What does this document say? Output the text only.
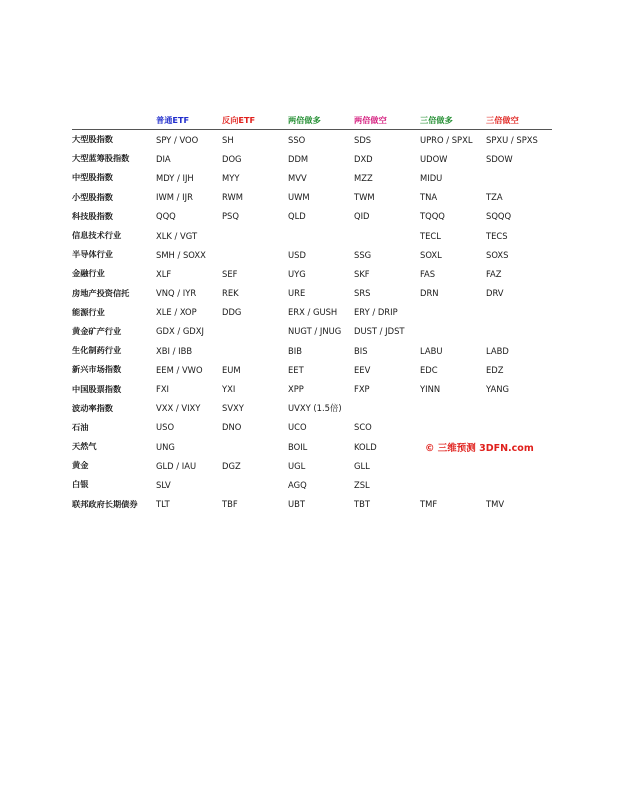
	普通ETF	反向ETF	两倍做多	两倍做空	三倍做多	三倍做空
大型股指数	SPY / VOO	SH	SSO	SDS	UPRO / SPXL	SPXU / SPXS
大型蓝筹股指数	DIA	DOG	DDM	DXD	UDOW	SDOW
中型股指数	MDY / IJH	MYY	MVV	MZZ	MIDU	
小型股指数	IWM / IJR	RWM	UWM	TWM	TNA	TZA
科技股指数	QQQ	PSQ	QLD	QID	TQQQ	SQQQ
信息技术行业	XLK / VGT				TECL	TECS
半导体行业	SMH / SOXX		USD	SSG	SOXL	SOXS
金融行业	XLF	SEF	UYG	SKF	FAS	FAZ
房地产投资信托	VNQ / IYR	REK	URE	SRS	DRN	DRV
能源行业	XLE / XOP	DDG	ERX / GUSH	ERY / DRIP		
黄金矿产行业	GDX / GDXJ		NUGT / JNUG	DUST / JDST		
生化制药行业	XBI / IBB		BIB	BIS	LABU	LABD
新兴市场指数	EEM / VWO	EUM	EET	EEV	EDC	EDZ
中国股票指数	FXI	YXI	XPP	FXP	YINN	YANG
波动率指数	VXX / VIXY	SVXY	UVXY (1.5倍)			
石油	USO	DNO	UCO	SCO		
天然气	UNG		BOIL	KOLD		
黄金	GLD / IAU	DGZ	UGL	GLL		
白银	SLV		AGQ	ZSL		
联邦政府长期债券	TLT	TBF	UBT	TBT	TMF	TMV
© 三维预测 3DFN.com
